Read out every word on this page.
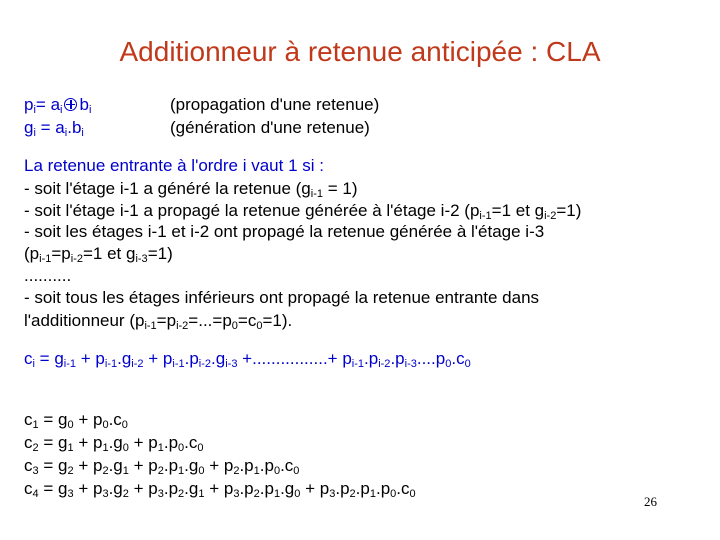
Additionneur à retenue anticipée : CLA
$p_i= a_i$ $b_i$	(propagation d'une retenue)
$g_i = a_i.b_i$	(génération d'une retenue)
La retenue entrante à l'ordre i vaut 1 si :
- soit l'étage i-1 a généré la retenue $(g_{i-1} = 1)$
- soit l'étage i-1 a propagé la retenue générée à l'étage i-2 ($p_{i-1}=1$ et $g_{i-2}=1$)
- soit les étages i-1 et i-2 ont propagé la retenue générée à l'étage i-3
($p_{i-1}=p_{i-2}=1$ et $g_{i-3}=1$)
..........
- soit tous les étages inférieurs ont propagé la retenue entrante dans
l'additionneur $(p_{i-1}=p_{i-2}=...=p_0=c_0=1)$.
$c_i = g_{i-1} + p_{i-1}.g_{i-2} + p_{i-1}.p_{i-2}.g_{i-3}$ +................+ $p_{i-1}.p_{i-2}.p_{i-3}....p_0.c_0$
$c_1 = g_0 + p_0.c_0$
$c_2 = g_1 + p_1.g_0 + p_1.p_0.c_0$
$c_3 = g_2 + p_2.g_1 + p_2.p_1.g_0 + p_2.p_1.p_0.c_0$
$c_4 = g_3 + p_3.g_2 + p_3.p_2.g_1 + p_3.p_2.p_1.g_0 + p_3.p_2.p_1.p_0.c_0$	26
